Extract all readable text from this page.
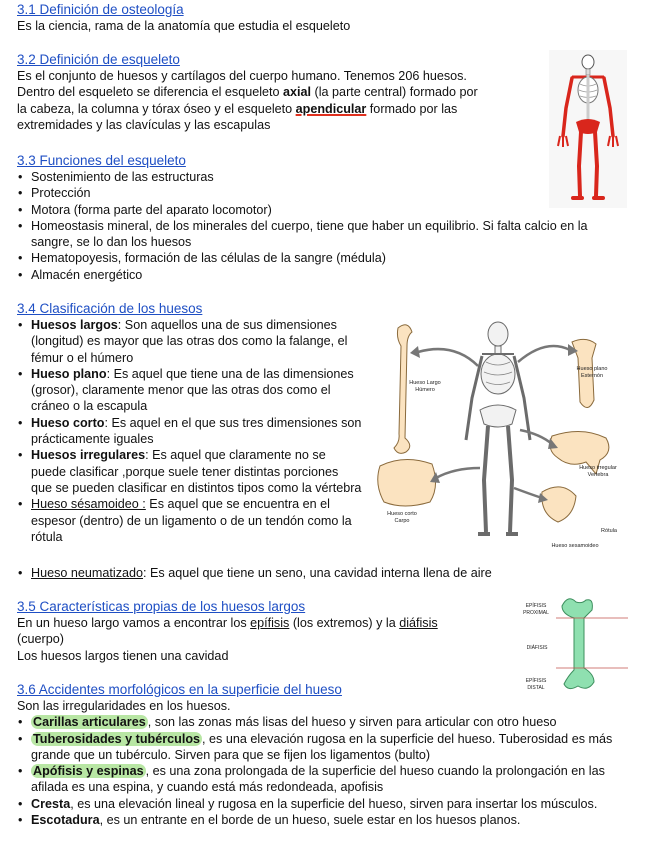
3.1 Definición de osteología

Es la ciencia, rama de la anatomía que estudia el esqueleto

3.2 Definición de esqueleto

Es el conjunto de huesos y cartílagos del cuerpo humano. Tenemos 206 huesos.
Dentro del esqueleto se diferencia el esqueleto axial (la parte central) formado por
la cabeza, la columna y tórax óseo y el esqueleto apendicular formado por las
extremidades y las clavículas y las escapulas

3.3 Funciones del esqueleto
• Sostenimiento de las estructuras
• Protección
• Motora (forma parte del aparato locomotor)
• Homeostasis mineral, de los minerales del cuerpo, tiene que haber un equilibrio. Si falta calcio en la sangre, se lo dan los huesos
• Hematopoyesis, formación de las células de la sangre (médula)
• Almacén energético
3.4 Clasificación de los huesos
• Huesos largos: Son aquellos una de sus dimensiones (longitud) es mayor que las otras dos como la falange, el fémur o el húmero
• Hueso plano: Es aquel que tiene una de las dimensiones (grosor), claramente menor que las otras dos como el cráneo o la escapula
• Hueso corto: Es aquel en el que sus tres dimensiones son prácticamente iguales
• Huesos irregulares: Es aquel que claramente no se puede clasificar ,porque suele tener distintas porciones que se pueden clasificar en distintos tipos como la vértebra
• Hueso sésamoideo : Es aquel que se encuentra en el espesor (dentro) de un ligamento o de un tendón como la rótula
• Hueso neumatizado: Es aquel que tiene un seno, una cavidad interna llena de aire
Hueso Largo
Húmero
Hueso plano
Esternón
Hueso irregular
Vertebra
Hueso corto
Carpo
Rótula
Hueso sesamoideo
3.5 Características propias de los huesos largos

En un hueso largo vamos a encontrar los epífisis (los extremos) y la diáfisis
(cuerpo)
Los huesos largos tienen una cavidad

EPÍFISIS
PROXIMAL
DIÁFISIS
EPÍFISIS
DISTAL
3.6 Accidentes morfológicos en la superficie del hueso

Son las irregularidades en los huesos.

• Carillas articulares , son las zonas más lisas del hueso y sirven para articular con otro hueso
• Tuberosidades y tubérculos , es una elevación rugosa en la superficie del hueso. Tuberosidad es más grande que un tubérculo. Sirven para que se fijen los ligamentos (bulto)
• Apófisis y espinas , es una zona prolongada de la superficie del hueso cuando la prolongación en las afilada es una espina, y cuando está más redondeada, apofisis
• Cresta, es una elevación lineal y rugosa en la superficie del hueso, sirven para insertar los músculos.
• Escotadura, es un entrante en el borde de un hueso, suele estar en los huesos planos.
